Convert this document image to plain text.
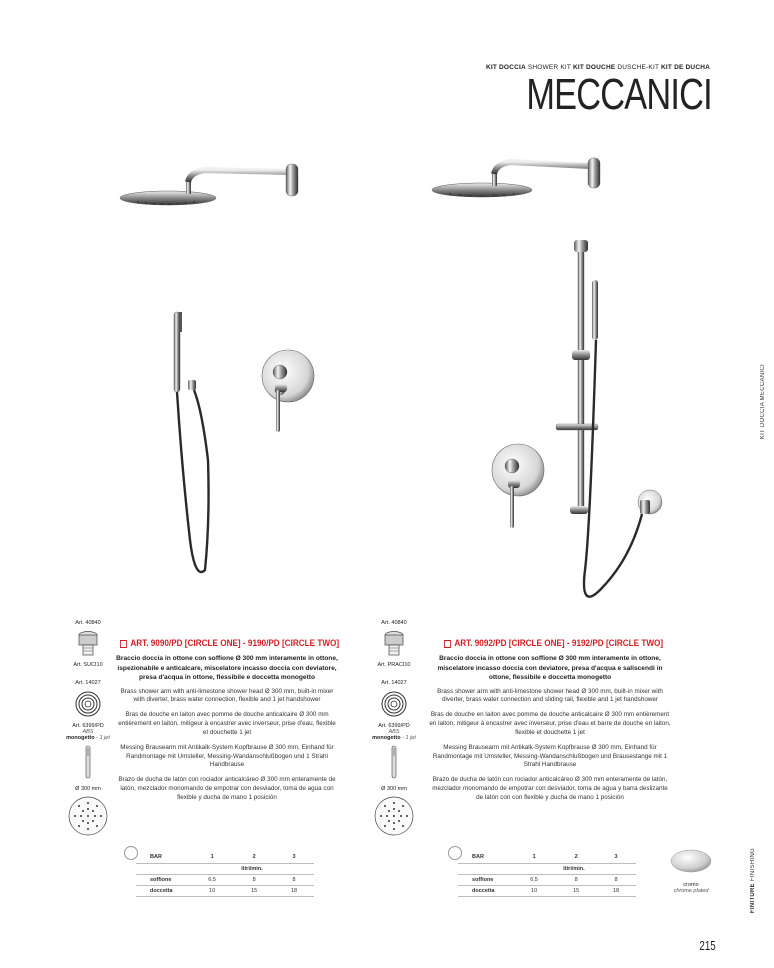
KIT DOCCIA SHOWER KIT KIT DOUCHE DUSCHE-KIT KIT DE DUCHA
MECCANICI
KIT DOCCIA MECCANICI
FINITURE FINISHING
Art. 40840
Art. SUCI10
Art. 14027
Art. 6399/PD
ABS
monogetto - 1 jet
Ø 300 mm
Art. 40840
Art. PRACI10
Art. 14027
Art. 6399/PD
ABS
monogetto - 1 jet
Ø 300 mm
ART. 9090/PD [CIRCLE ONE] - 9190/PD [CIRCLE TWO]
Braccio doccia in ottone con soffione Ø 300 mm interamente in ottone, ispezionabile e anticalcare, miscelatore incasso doccia con deviatore, presa d'acqua in ottone, flessibile e doccetta monogetto
Brass shower arm with anti-limestone shower head Ø 300 mm, built-in mixer with diverter, brass water connection, flexible and 1 jet handshower
Bras de douche en laiton avec pomme de douche anticalcaire Ø 300 mm entièrement en laiton, mitigeur à encastrer avec inverseur, prise d'eau, flexible et douchette 1 jet
Messing Brausearm mit Antikalk-System Kopfbrause Ø 300 mm, Einhand für Randmontage mit Umsteller, Messing-Wandanschlußbogen und 1 Strahl Handbrause
Brazo de ducha de latón con rociador anticalcáreo Ø 300 mm enteramente de latón, mezclador monomando de empotrar con desviador, toma de agua con flexible y ducha de mano 1 posición
ART. 9092/PD [CIRCLE ONE] - 9192/PD [CIRCLE TWO]
Braccio doccia in ottone con soffione Ø 300 mm interamente in ottone, miscelatore incasso doccia con deviatore, presa d'acqua e saliscendi in ottone, flessibile e doccetta monogetto
Brass shower arm with anti-limestone shower head Ø 300 mm, built-in mixer with diverter, brass water connection and sliding rail, flexible and 1 jet handshower
Bras de douche en laiton avec pomme de douche anticalcaire Ø 300 mm entièrement en laiton, mitigeur à encastrer avec inverseur, prise d'eau et barre de douche en laiton, flexible et douchette 1 jet
Messing Brausearm mit Antikalk-System Kopfbrause Ø 300 mm, Einhand für Randmontage mit Umsteller, Messing-Wandanschlußbogen und Brausestange mit 1 Strahl Handbrause
Brazo de ducha de latón con rociador anticalcáreo Ø 300 mm enteramente de latón, mezclador monomando de empotrar con desviador, toma de agua y barra deslizante de latón con con flexible y ducha de mano 1 posición
BAR	1	2	3
	litri/min.		
soffione	6,5	8	8
doccetta	10	15	18
BAR	1	2	3
	litri/min.		
soffione	6,5	8	8
doccetta	10	15	18
cromo
chrome plated
215
